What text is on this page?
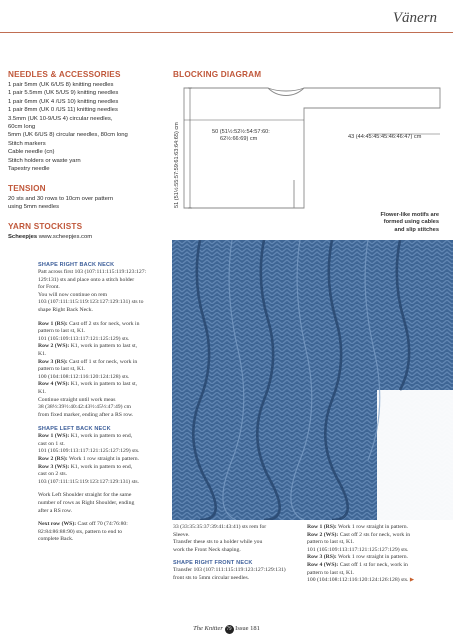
Vänern
NEEDLES & ACCESSORIES
1 pair 5mm (UK 6/US 8) knitting needles
1 pair 5.5mm (UK 5/US 9) knitting needles
1 pair 6mm (UK 4 /US 10) knitting needles
1 pair 8mm (UK 0 /US 11) knitting needles
3.5mm (UK 10-9/US 4) circular needles,
60cm long
5mm (UK 6/US 8) circular needles, 80cm long
Stitch markers
Cable needle (cn)
Stitch holders or waste yarn
Tapestry needle
TENSION
20 sts and 30 rows to 10cm over pattern
using 5mm needles
YARN STOCKISTS
Scheepjes www.scheepjes.com
BLOCKING DIAGRAM
51 (51½:55:57:59:61:63:64:65) cm	50 (51½:52½:54:57:60:
62½:66:69) cm	43 (44:45:45:45:46:46:47) cm
Flower-like motifs are
formed using cables
and slip stitches
SHAPE RIGHT BACK NECK
Patt across first 103 (107:111:115:119:123:127:
129:131) sts and place onto a stitch holder
for Front.
You will now continue on rem
103 (107:111:115:119:123:127:129:131) sts to
shape Right Back Neck.
Row 1 (RS): Cast off 2 sts for neck, work in
pattern to last st, K1.
101 (105:109:113:117:121:125:129) sts.
Row 2 (WS): K1, work in pattern to last st,
K1.
Row 3 (RS): Cast off 1 st for neck, work in
pattern to last st, K1.
100 (104:108:112:116:120:124:128) sts.
Row 4 (WS): K1, work in pattern to last st,
K1.
Continue straight until work meas
38 (38½:39½:40:42:43½:45½:47:49) cm
from fixed marker, ending after a RS row.
SHAPE LEFT BACK NECK
Row 1 (WS): K1, work in pattern to end,
cast on 1 st.
101 (105:109:113:117:121:125:127:129) sts.
Row 2 (RS): Work 1 row straight in pattern.
Row 3 (WS): K1, work in pattern to end,
cast on 2 sts.
103 (107:111:115:119:123:127:129:131) sts.
Work Left Shoulder straight for the same
number of rows as Right Shoulder, ending
after a RS row.
Next row (WS): Cast off 70 (74:76:80:
82:84:86:88:90) sts, pattern to end to
complete Back.
33 (33:35:35:37:39:41:43:41) sts rem for
Sleeve.
Transfer these sts to a holder while you
work the Front Neck shaping.
SHAPE RIGHT FRONT NECK
Transfer 103 (107:111:115:119:123:127:129:131)
front sts to 5mm circular needles.
Row 1 (RS): Work 1 row straight in pattern.
Row 2 (WS): Cast off 2 sts for neck, work in
pattern to last st, K1.
101 (105:109:113:117:121:125:127:129) sts.
Row 3 (RS): Work 1 row straight in pattern.
Row 4 (WS): Cast off 1 st for neck, work in
pattern to last st, K1.
100 (104:108:112:116:120:124:126:128) sts. ▶
The Knitter 79 Issue 181
